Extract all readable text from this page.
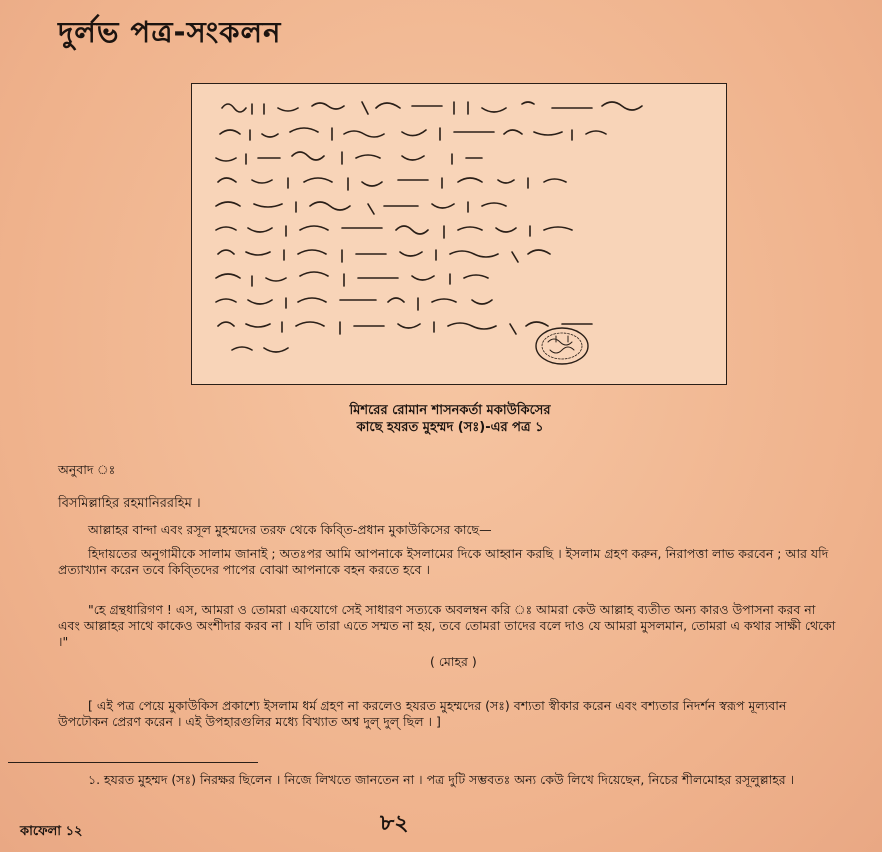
দুর্লভ পত্র-সংকলন
মিশরের রোমান শাসনকর্তা মকাউকিসের
কাছে হযরত মুহম্মদ (সঃ)-এর পত্র ১
অনুবাদ ঃ
বিসমিল্লাহির রহমানিররহিম ।
আল্লাহর বান্দা এবং রসূল মুহম্মদের তরফ থেকে কিব্তি-প্রধান মুকাউকিসের কাছে—
হিদায়তের অনুগামীকে সালাম জানাই ; অতঃপর আমি আপনাকে ইসলামের দিকে আহ্বান করছি । ইসলাম গ্রহণ করুন, নিরাপত্তা লাভ করবেন ; আর যদি প্রত্যাখ্যান করেন তবে কিব্তিদের পাপের বোঝা আপনাকে বহন করতে হবে ।
"হে গ্রন্থধারিগণ ! এস, আমরা ও তোমরা একযোগে সেই সাধারণ সত্যকে অবলম্বন করি ঃ আমরা কেউ আল্লাহ ব্যতীত অন্য কারও উপাসনা করব না এবং আল্লাহর সাথে কাকেও অংশীদার করব না । যদি তারা এতে সম্মত না হয়, তবে তোমরা তাদের বলে দাও যে আমরা মুসলমান, তোমরা এ কথার সাক্ষী থেকো ।"
( মোহর )
[ এই পত্র পেয়ে মুকাউকিস প্রকাশ্যে ইসলাম ধর্ম গ্রহণ না করলেও হযরত মুহম্মদের (সঃ) বশ্যতা স্বীকার করেন এবং বশ্যতার নিদর্শন স্বরূপ মূল্যবান উপঢৌকন প্রেরণ করেন । এই উপহারগুলির মধ্যে বিখ্যাত অশ্ব দুল্ দুল্ ছিল । ]
১. হযরত মুহম্মদ (সঃ) নিরক্ষর ছিলেন । নিজে লিখতে জানতেন না । পত্র দুটি সম্ভবতঃ অন্য কেউ লিখে দিয়েছেন, নিচের শীলমোহর রসূলুল্লাহর ।
৮২
কাফেলা ১২
